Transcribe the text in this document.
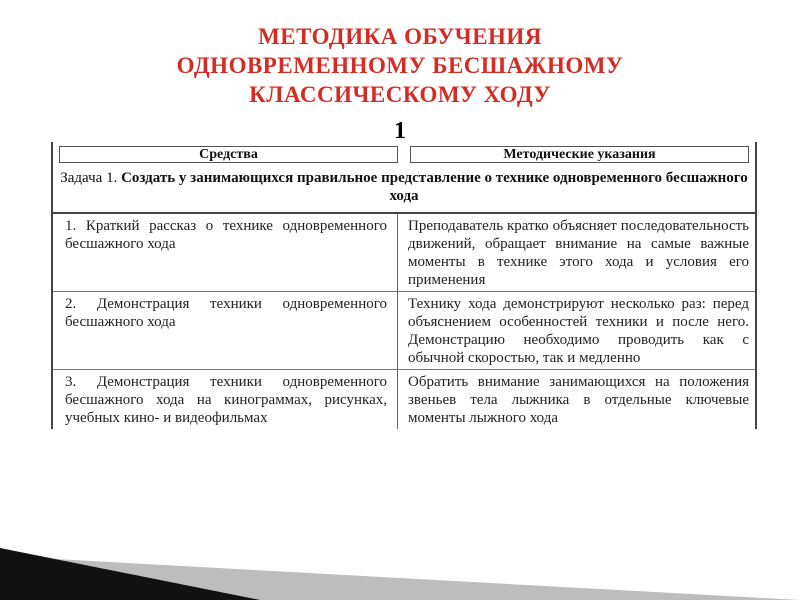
МЕТОДИКА ОБУЧЕНИЯ
ОДНОВРЕМЕННОМУ БЕСШАЖНОМУ
КЛАССИЧЕСКОМУ ХОДУ
1
Средства	Методические указания
Задача 1. Создать у занимающихся правильное представление о технике одновременного бесшажного хода
1. Краткий рассказ о технике одновременного бесшажного хода
Преподаватель кратко объясняет последовательность движений, обращает внимание на самые важные моменты в технике этого хода и условия его применения
2. Демонстрация техники одновременного бесшажного хода
Технику хода демонстрируют несколько раз: перед объяснением особенностей техники и после него. Демонстрацию необходимо проводить как с обычной скоростью, так и медленно
3. Демонстрация техники одновременного бесшажного хода на кинограммах, рисунках, учебных кино- и видеофильмах
Обратить внимание занимающихся на положения звеньев тела лыжника в отдельные ключевые моменты лыжного хода
